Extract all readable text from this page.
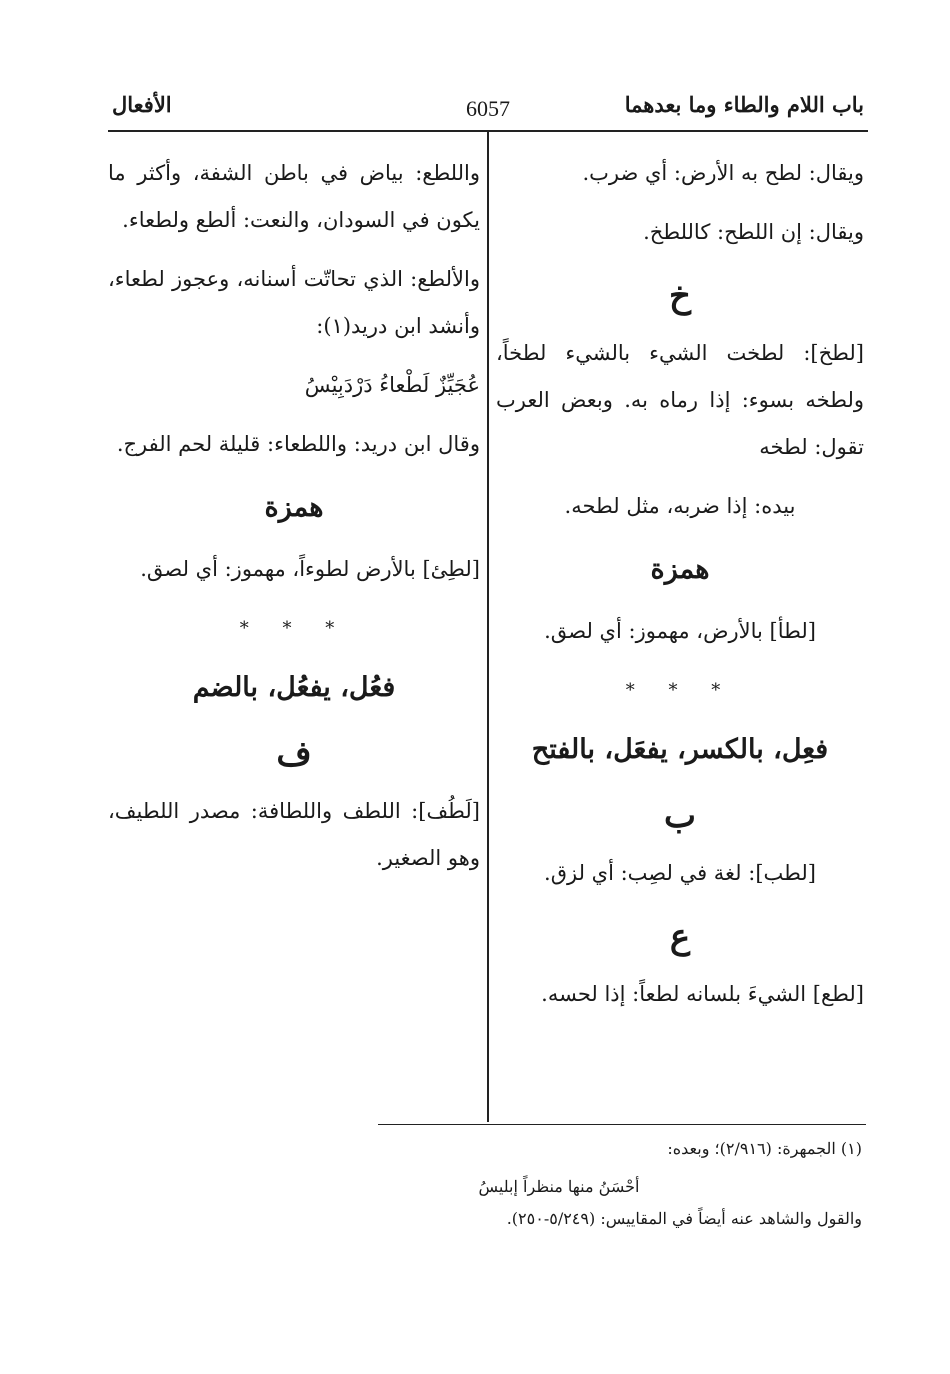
باب اللام والطاء وما بعدهما
6057
الأفعال

ويقال: لطح به الأرض: أي ضرب.

ويقال: إن اللطح: كاللطخ.

خ

[لطخ]: لطخت الشيء بالشيء لطخاً، ولطخه بسوء: إذا رماه به. وبعض العرب تقول: لطخه

بيده: إذا ضربه، مثل لطحه.

همزة

[لطأ] بالأرض، مهموز: أي لصق.

* * *
فعِل، بالكسر، يفعَل، بالفتح
ب

[لطب]: لغة في لصِب: أي لزق.

ع

[لطع] الشيءَ بلسانه لطعاً: إذا لحسه.

واللطع: بياض في باطن الشفة، وأكثر ما يكون في السودان، والنعت: ألطع ولطعاء.

والألطع: الذي تحاتّت أسنانه، وعجوز لطعاء، وأنشد ابن دريد(١):

عُجَيِّزٌ لَطْعاءُ دَرْدَبِيْسُ

وقال ابن دريد: واللطعاء: قليلة لحم الفرج.

همزة

[لطِئ] بالأرض لطوءاً، مهموز: أي لصق.

* * *
فعُل، يفعُل، بالضم
ف

[لَطُف]: اللطف واللطافة: مصدر اللطيف، وهو الصغير.

(١) الجمهرة: (٢/٩١٦)؛ وبعده:
أحْسَنُ منها منظراً إبليسُ
والقول والشاهد عنه أيضاً في المقاييس: (٥/٢٤٩-٢٥٠).
